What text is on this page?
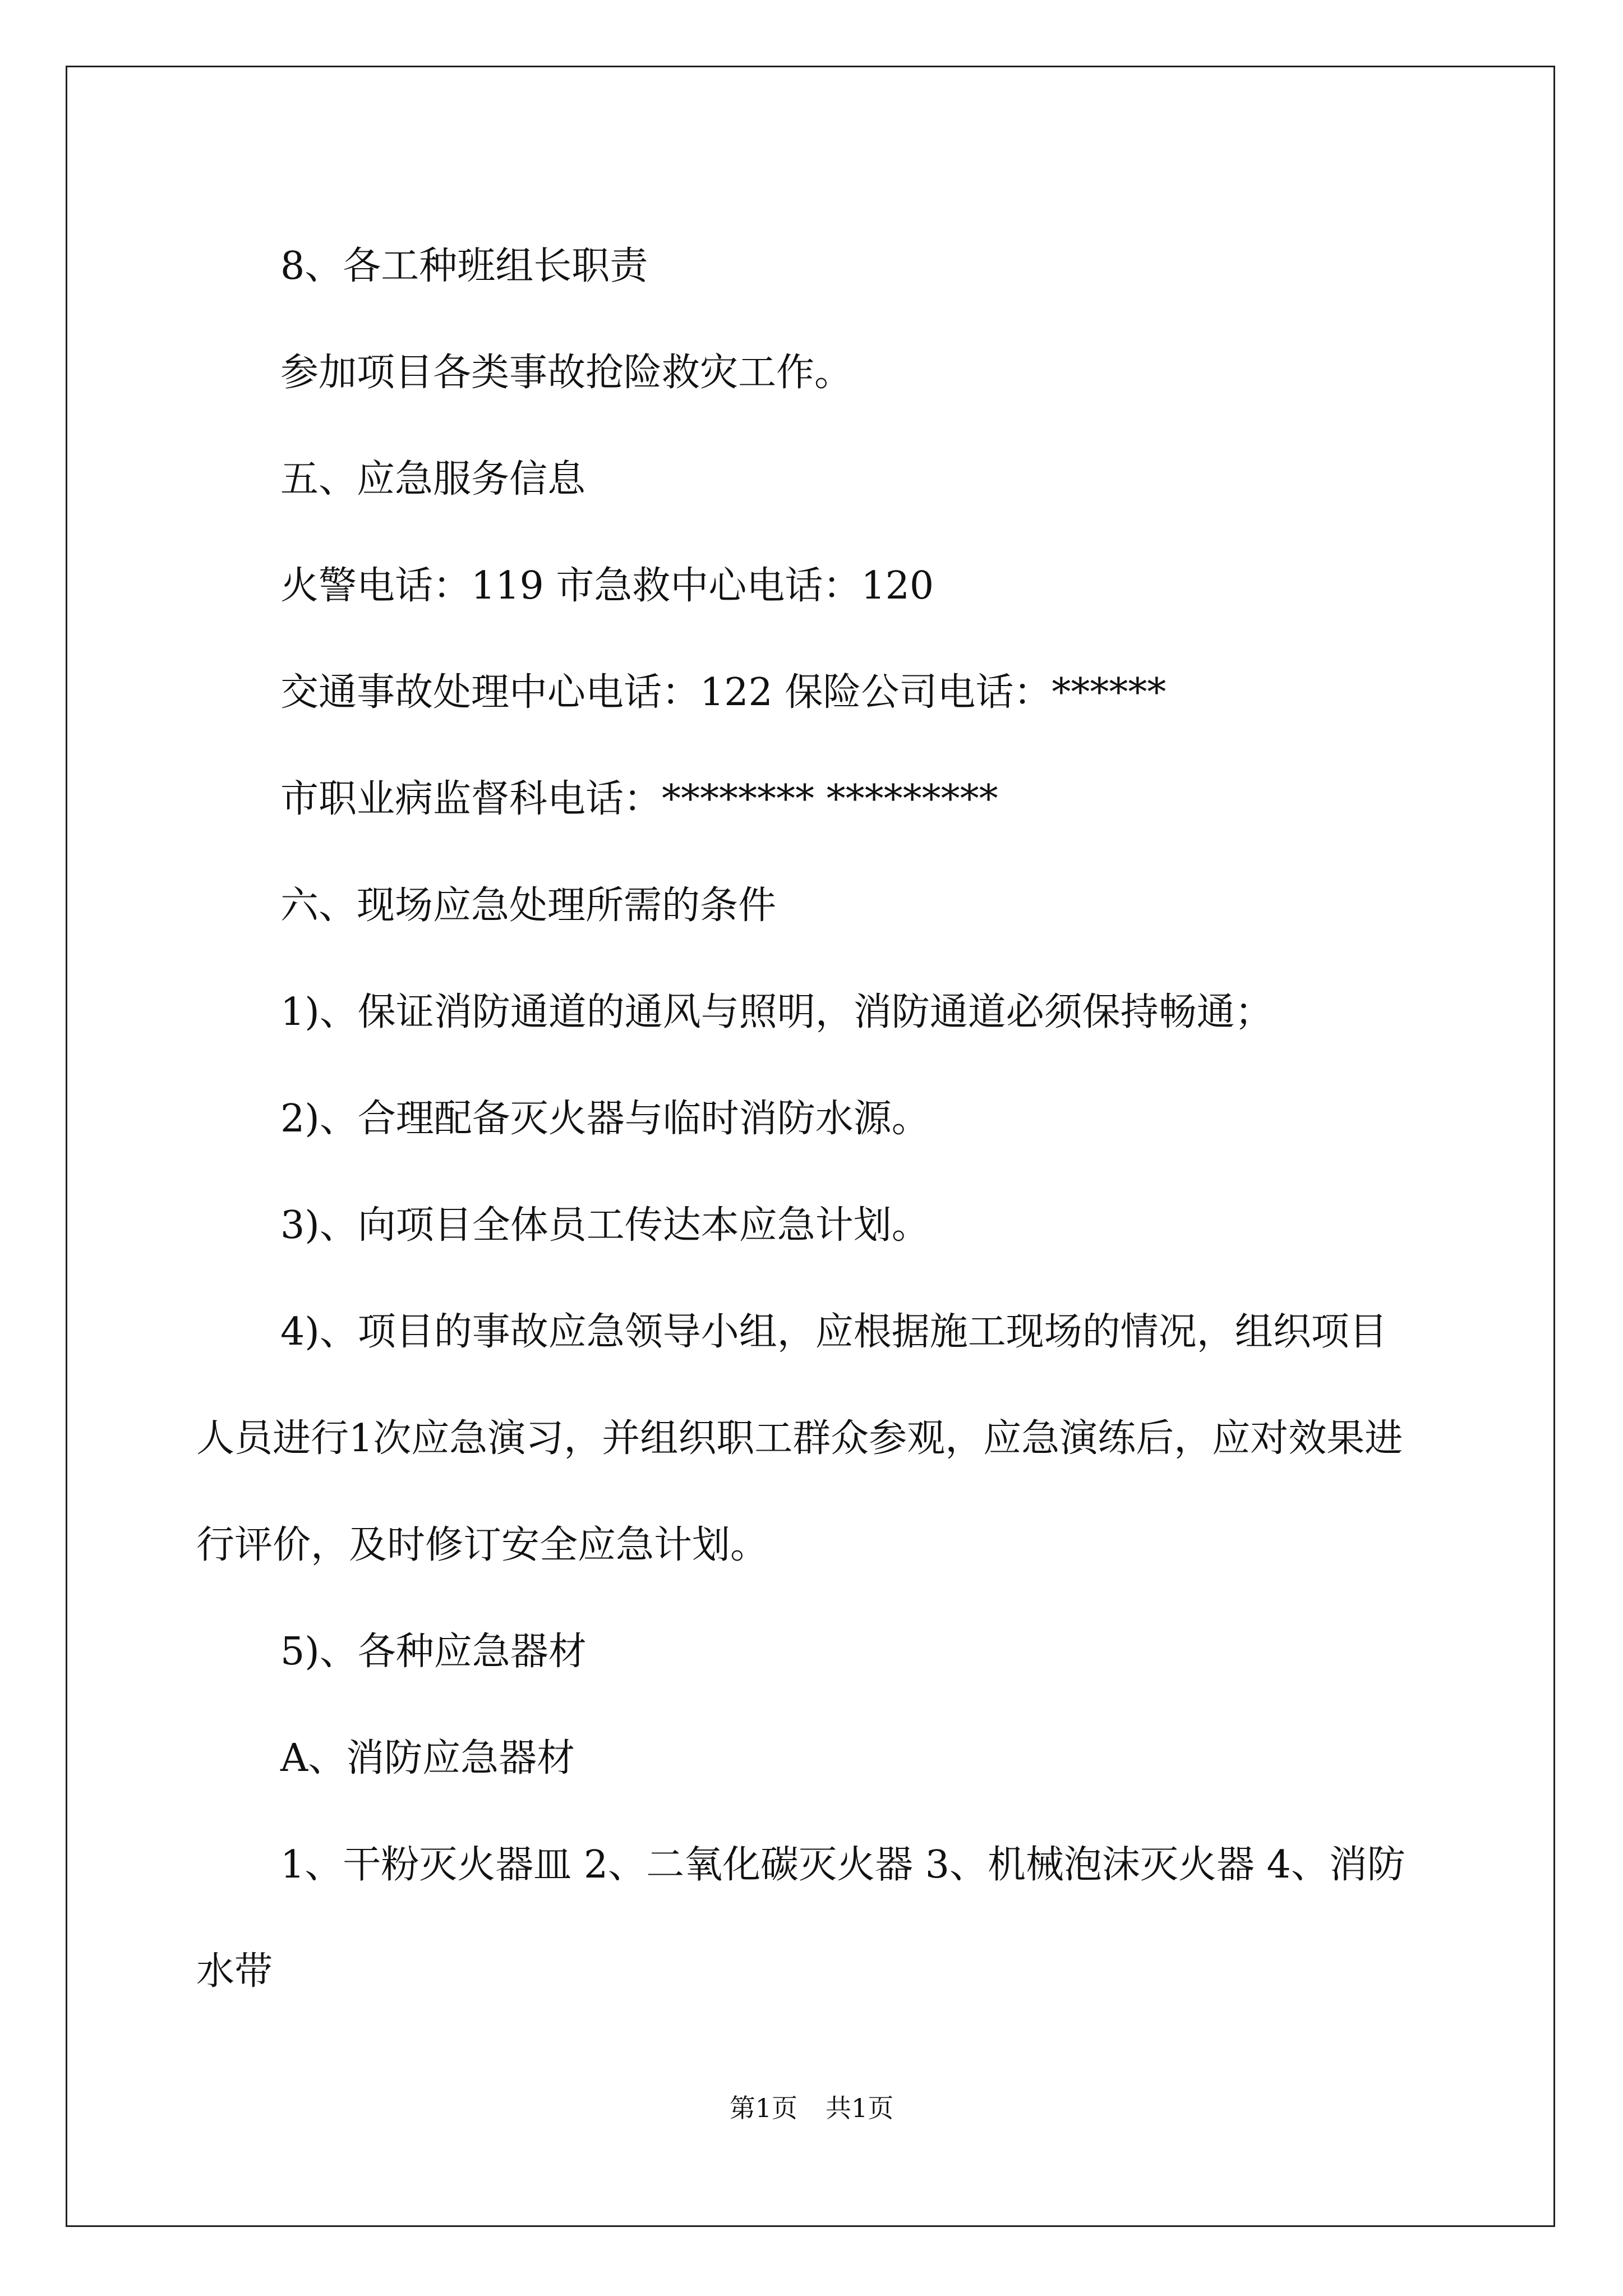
8、各工种班组长职责

参加项目各类事故抢险救灾工作。

五、应急服务信息

火警电话：119 市急救中心电话：120

交通事故处理中心电话：122 保险公司电话：******

市职业病监督科电话：******** *********

六、现场应急处理所需的条件

1)、保证消防通道的通风与照明，消防通道必须保持畅通；

2)、合理配备灭火器与临时消防水源。

3)、向项目全体员工传达本应急计划。

4)、项目的事故应急领导小组，应根据施工现场的情况，组织项目人员进行1次应急演习，并组织职工群众参观，应急演练后，应对效果进行评价，及时修订安全应急计划。

5)、各种应急器材

A、消防应急器材

1、干粉灭火器皿 2、二氧化碳灭火器 3、机械泡沫灭火器 4、消防水带

第1页 共1页
